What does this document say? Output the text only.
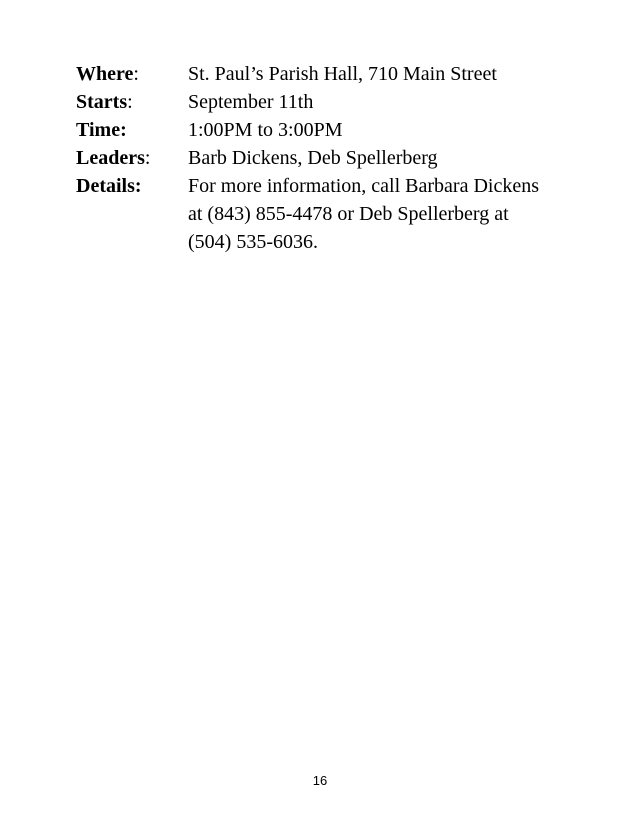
Where:	St. Paul’s Parish Hall, 710 Main Street
Starts:	September 11th
Time:	1:00PM to 3:00PM
Leaders:	Barb Dickens, Deb Spellerberg
Details:	For more information, call Barbara Dickens
at (843) 855-4478 or Deb Spellerberg at
(504) 535-6036.
16
